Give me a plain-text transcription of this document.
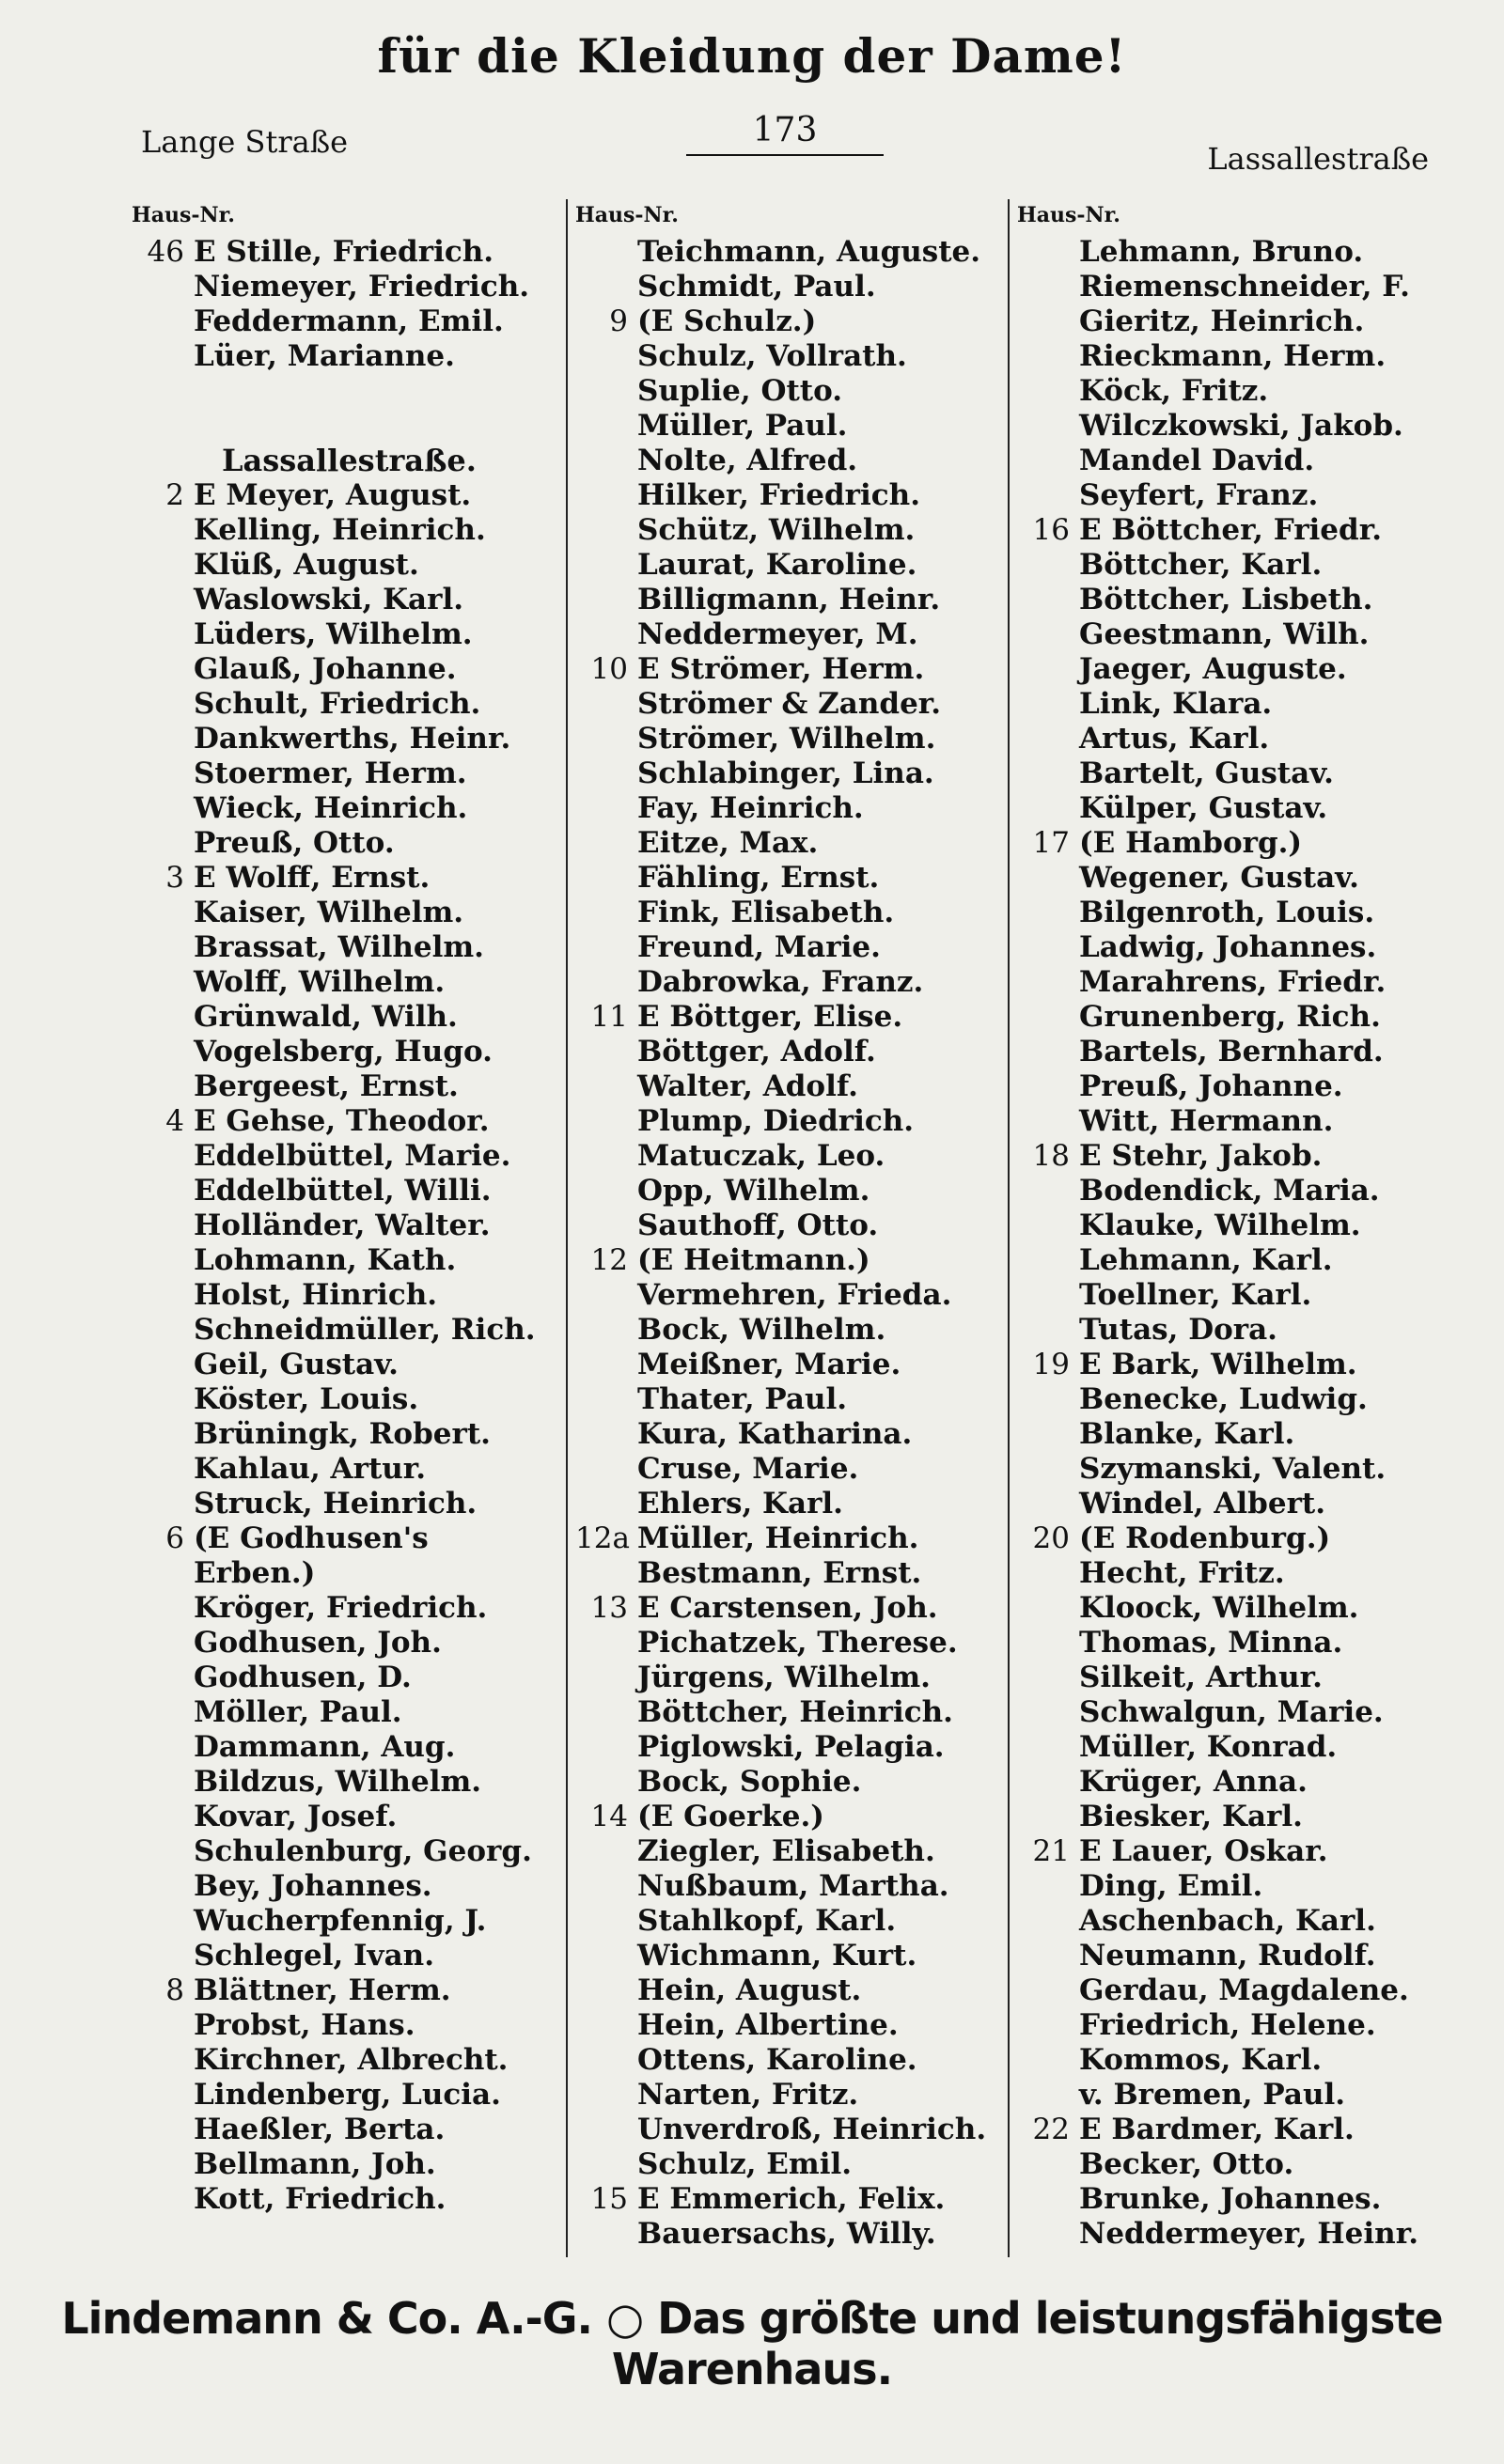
für die Kleidung der Dame!
Lange Straße	173
Lassallestraße
Haus-Nr.
46 E Stille, Friedrich.
Niemeyer, Friedrich.
Feddermann, Emil.
Lüer, Marianne.
Lassallestraße.
2 E Meyer, August.
Kelling, Heinrich.
Klüß, August.
Waslowski, Karl.
Lüders, Wilhelm.
Glauß, Johanne.
Schult, Friedrich.
Dankwerths, Heinr.
Stoermer, Herm.
Wieck, Heinrich.
Preuß, Otto.
3 E Wolff, Ernst.
Kaiser, Wilhelm.
Brassat, Wilhelm.
Wolff, Wilhelm.
Grünwald, Wilh.
Vogelsberg, Hugo.
Bergeest, Ernst.
4 E Gehse, Theodor.
Eddelbüttel, Marie.
Eddelbüttel, Willi.
Holländer, Walter.
Lohmann, Kath.
Holst, Hinrich.
Schneidmüller, Rich.
Geil, Gustav.
Köster, Louis.
Brüningk, Robert.
Kahlau, Artur.
Struck, Heinrich.
6 (E Godhusen's
Erben.)
Kröger, Friedrich.
Godhusen, Joh.
Godhusen, D.
Möller, Paul.
Dammann, Aug.
Bildzus, Wilhelm.
Kovar, Josef.
Schulenburg, Georg.
Bey, Johannes.
Wucherpfennig, J.
Schlegel, Ivan.
8 Blättner, Herm.
Probst, Hans.
Kirchner, Albrecht.
Lindenberg, Lucia.
Haeßler, Berta.
Bellmann, Joh.
Kott, Friedrich.
Haus-Nr.
Teichmann, Auguste.
Schmidt, Paul.
9 (E Schulz.)
Schulz, Vollrath.
Suplie, Otto.
Müller, Paul.
Nolte, Alfred.
Hilker, Friedrich.
Schütz, Wilhelm.
Laurat, Karoline.
Billigmann, Heinr.
Neddermeyer, M.
10 E Strömer, Herm.
Strömer & Zander.
Strömer, Wilhelm.
Schlabinger, Lina.
Fay, Heinrich.
Eitze, Max.
Fähling, Ernst.
Fink, Elisabeth.
Freund, Marie.
Dabrowka, Franz.
11 E Böttger, Elise.
Böttger, Adolf.
Walter, Adolf.
Plump, Diedrich.
Matuczak, Leo.
Opp, Wilhelm.
Sauthoff, Otto.
12 (E Heitmann.)
Vermehren, Frieda.
Bock, Wilhelm.
Meißner, Marie.
Thater, Paul.
Kura, Katharina.
Cruse, Marie.
Ehlers, Karl.
12a Müller, Heinrich.
Bestmann, Ernst.
13 E Carstensen, Joh.
Pichatzek, Therese.
Jürgens, Wilhelm.
Böttcher, Heinrich.
Piglowski, Pelagia.
Bock, Sophie.
14 (E Goerke.)
Ziegler, Elisabeth.
Nußbaum, Martha.
Stahlkopf, Karl.
Wichmann, Kurt.
Hein, August.
Hein, Albertine.
Ottens, Karoline.
Narten, Fritz.
Unverdroß, Heinrich.
Schulz, Emil.
15 E Emmerich, Felix.
Bauersachs, Willy.
Haus-Nr.
Lehmann, Bruno.
Riemenschneider, F.
Gieritz, Heinrich.
Rieckmann, Herm.
Köck, Fritz.
Wilczkowski, Jakob.
Mandel David.
Seyfert, Franz.
16 E Böttcher, Friedr.
Böttcher, Karl.
Böttcher, Lisbeth.
Geestmann, Wilh.
Jaeger, Auguste.
Link, Klara.
Artus, Karl.
Bartelt, Gustav.
Külper, Gustav.
17 (E Hamborg.)
Wegener, Gustav.
Bilgenroth, Louis.
Ladwig, Johannes.
Marahrens, Friedr.
Grunenberg, Rich.
Bartels, Bernhard.
Preuß, Johanne.
Witt, Hermann.
18 E Stehr, Jakob.
Bodendick, Maria.
Klauke, Wilhelm.
Lehmann, Karl.
Toellner, Karl.
Tutas, Dora.
19 E Bark, Wilhelm.
Benecke, Ludwig.
Blanke, Karl.
Szymanski, Valent.
Windel, Albert.
20 (E Rodenburg.)
Hecht, Fritz.
Kloock, Wilhelm.
Thomas, Minna.
Silkeit, Arthur.
Schwalgun, Marie.
Müller, Konrad.
Krüger, Anna.
Biesker, Karl.
21 E Lauer, Oskar.
Ding, Emil.
Aschenbach, Karl.
Neumann, Rudolf.
Gerdau, Magdalene.
Friedrich, Helene.
Kommos, Karl.
v. Bremen, Paul.
22 E Bardmer, Karl.
Becker, Otto.
Brunke, Johannes.
Neddermeyer, Heinr.
Lindemann & Co. A.-G. ○ Das größte und leistungsfähigste Warenhaus.
